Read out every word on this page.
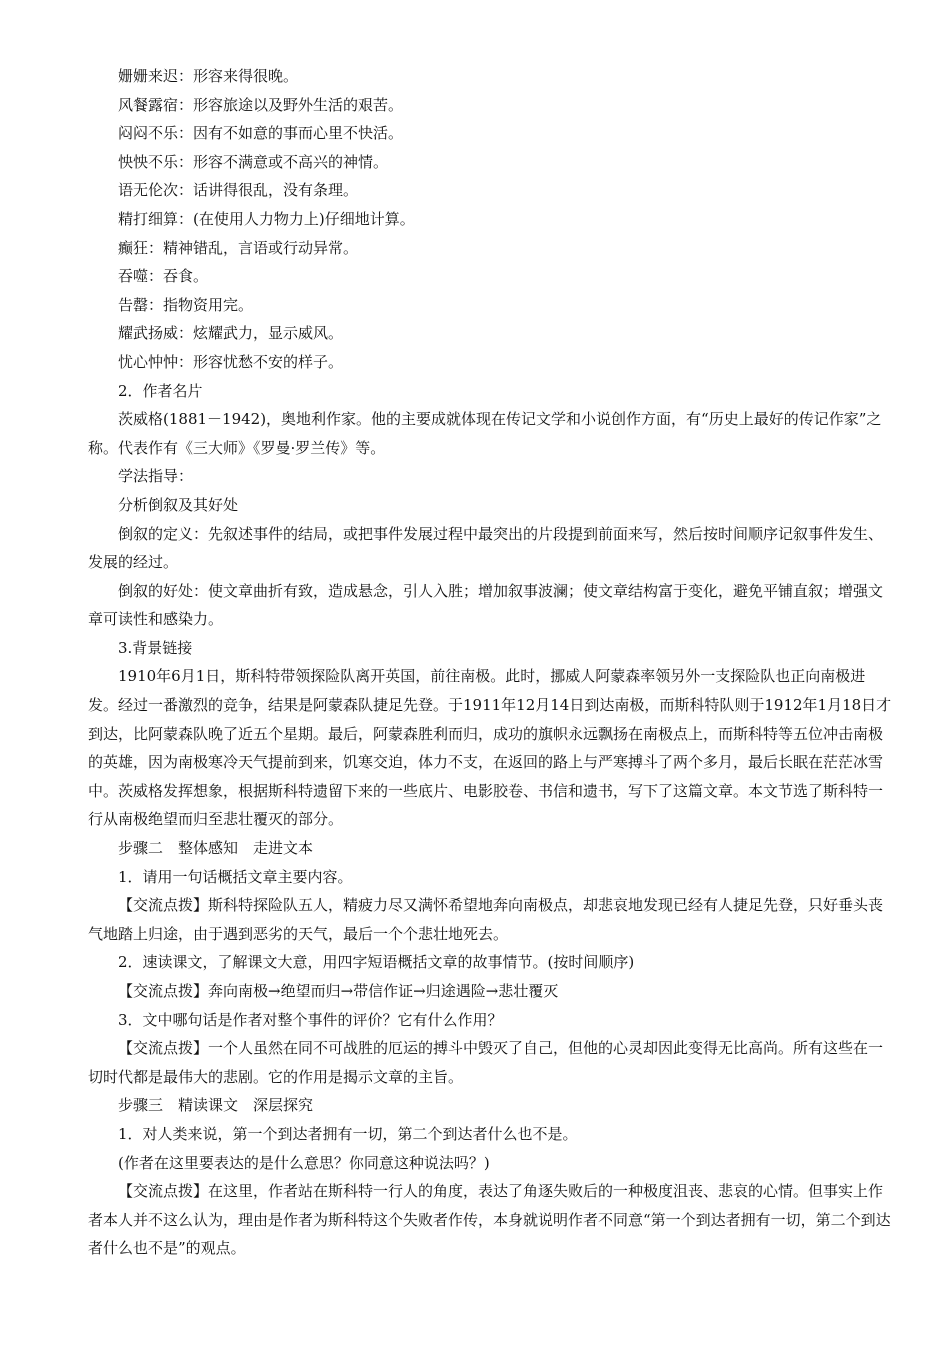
姗姗来迟：形容来得很晚。

风餐露宿：形容旅途以及野外生活的艰苦。

闷闷不乐：因有不如意的事而心里不快活。

怏怏不乐：形容不满意或不高兴的神情。

语无伦次：话讲得很乱，没有条理。

精打细算：(在使用人力物力上)仔细地计算。

癫狂：精神错乱，言语或行动异常。

吞噬：吞食。

告罄：指物资用完。

耀武扬威：炫耀武力，显示威风。

忧心忡忡：形容忧愁不安的样子。

2．作者名片

茨威格(1881－1942)，奥地利作家。他的主要成就体现在传记文学和小说创作方面，有“历史上最好的传记作家”之称。代表作有《三大师》《罗曼·罗兰传》等。

学法指导：

分析倒叙及其好处

倒叙的定义：先叙述事件的结局，或把事件发展过程中最突出的片段提到前面来写，然后按时间顺序记叙事件发生、发展的经过。

倒叙的好处：使文章曲折有致，造成悬念，引人入胜；增加叙事波澜；使文章结构富于变化，避免平铺直叙；增强文章可读性和感染力。

3.背景链接

1910年6月1日，斯科特带领探险队离开英国，前往南极。此时，挪威人阿蒙森率领另外一支探险队也正向南极进发。经过一番激烈的竞争，结果是阿蒙森队捷足先登。于1911年12月14日到达南极，而斯科特队则于1912年1月18日才到达，比阿蒙森队晚了近五个星期。最后，阿蒙森胜利而归，成功的旗帜永远飘扬在南极点上，而斯科特等五位冲击南极的英雄，因为南极寒冷天气提前到来，饥寒交迫，体力不支，在返回的路上与严寒搏斗了两个多月，最后长眠在茫茫冰雪中。茨威格发挥想象，根据斯科特遗留下来的一些底片、电影胶卷、书信和遗书，写下了这篇文章。本文节选了斯科特一行从南极绝望而归至悲壮覆灭的部分。

步骤二　整体感知　走进文本

1．请用一句话概括文章主要内容。

【交流点拨】斯科特探险队五人，精疲力尽又满怀希望地奔向南极点，却悲哀地发现已经有人捷足先登，只好垂头丧气地踏上归途，由于遇到恶劣的天气，最后一个个悲壮地死去。

2．速读课文，了解课文大意，用四字短语概括文章的故事情节。(按时间顺序)

【交流点拨】奔向南极→绝望而归→带信作证→归途遇险→悲壮覆灭

3．文中哪句话是作者对整个事件的评价？它有什么作用？

【交流点拨】一个人虽然在同不可战胜的厄运的搏斗中毁灭了自己，但他的心灵却因此变得无比高尚。所有这些在一切时代都是最伟大的悲剧。它的作用是揭示文章的主旨。

步骤三　精读课文　深层探究

1．对人类来说，第一个到达者拥有一切，第二个到达者什么也不是。

(作者在这里要表达的是什么意思？你同意这种说法吗？)

【交流点拨】在这里，作者站在斯科特一行人的角度，表达了角逐失败后的一种极度沮丧、悲哀的心情。但事实上作者本人并不这么认为，理由是作者为斯科特这个失败者作传，本身就说明作者不同意“第一个到达者拥有一切，第二个到达者什么也不是”的观点。
